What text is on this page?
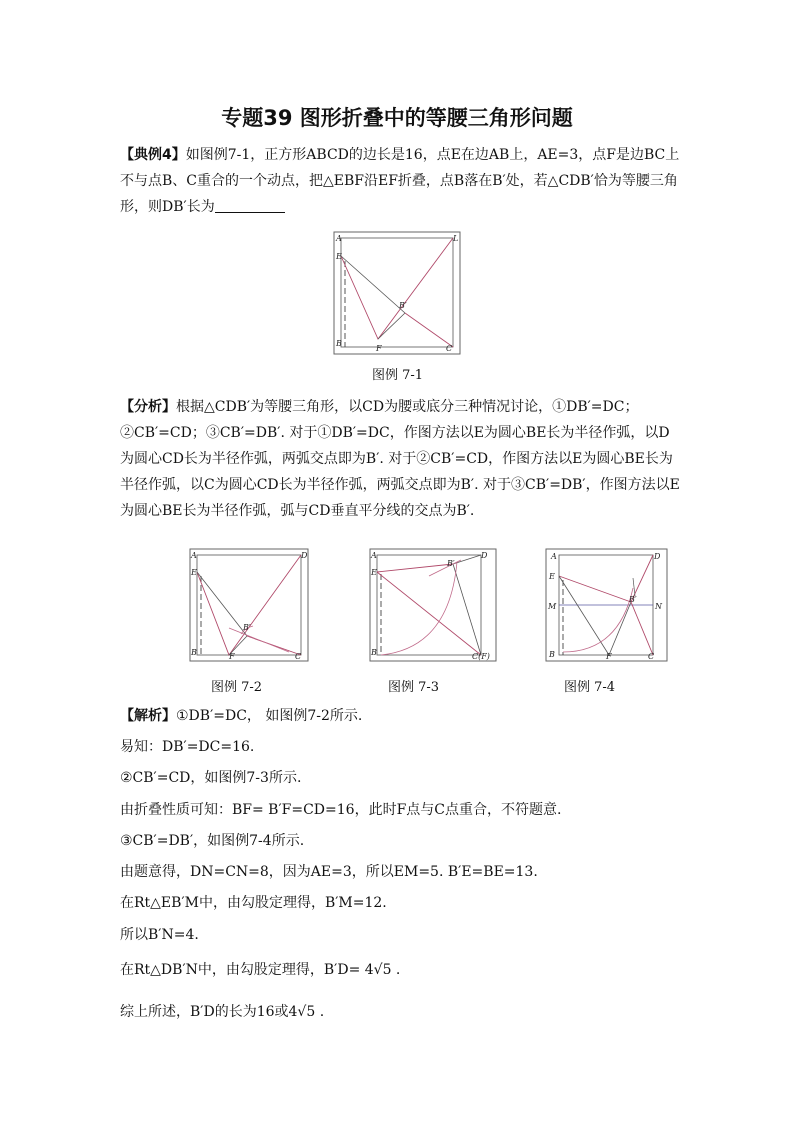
专题39 图形折叠中的等腰三角形问题
【典例4】如图例7-1，正方形ABCD的边长是16，点E在边AB上，AE=3，点F是边BC上不与点B、C重合的一个动点，把△EBF沿EF折叠，点B落在B′处，若△CDB′恰为等腰三角形，则DB′长为
A	L
E
B
F	C
B′
图例 7-1
【分析】根据△CDB′为等腰三角形，以CD为腰或底分三种情况讨论，①DB′=DC；②CB′=CD；③CB′=DB′. 对于①DB′=DC，作图方法以E为圆心BE长为半径作弧，以D为圆心CD长为半径作弧，两弧交点即为B′. 对于②CB′=CD，作图方法以E为圆心BE长为半径作弧，以C为圆心CD长为半径作弧，两弧交点即为B′. 对于③CB′=DB′，作图方法以E为圆心BE长为半径作弧，弧与CD垂直平分线的交点为B′.
A	D
E
B	F	C
B′
图例 7-2
A	D
E
B	C(F)
B′
图例 7-3
A	D
E
M	N
B	F	C
B′
图例 7-4
【解析】①DB′=DC， 如图例7-2所示.
易知：DB′=DC=16.
②CB′=CD，如图例7-3所示.
由折叠性质可知：BF= B′F=CD=16，此时F点与C点重合，不符题意.
③CB′=DB′，如图例7-4所示.
由题意得，DN=CN=8，因为AE=3，所以EM=5. B′E=BE=13.
在Rt△EB′M中，由勾股定理得，B′M=12.
所以B′N=4.
在Rt△DB′N中，由勾股定理得，B′D= 4√5 .
综上所述，B′D的长为16或4√5 .
